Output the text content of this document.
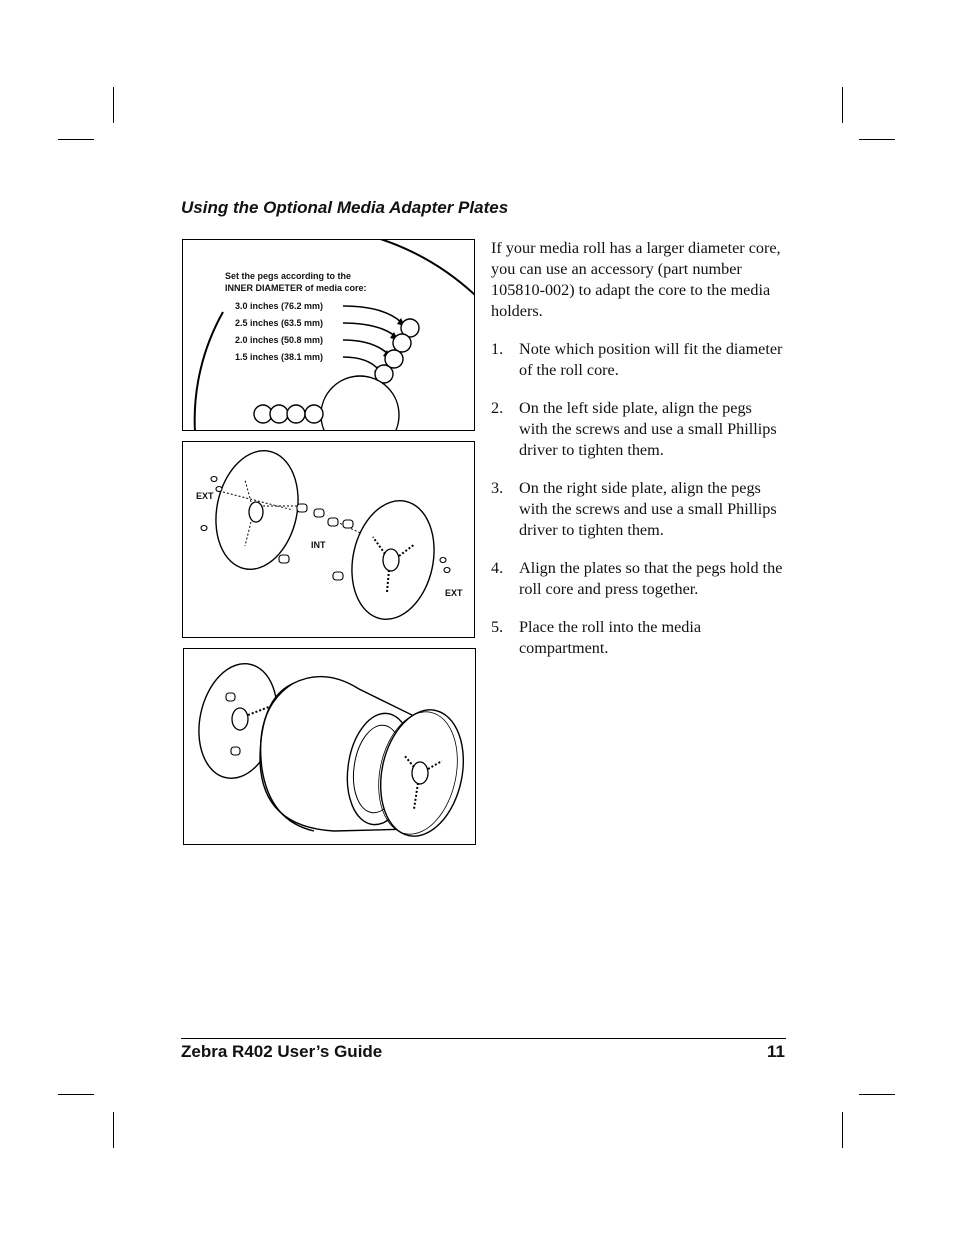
Using the Optional Media Adapter Plates
Set the pegs according to the
INNER DIAMETER of media core:
3.0 inches (76.2 mm)
2.5 inches (63.5 mm)
2.0 inches (50.8 mm)
1.5 inches (38.1 mm)
EXT
INT
EXT

If your media roll has a larger diameter core, you can use an accessory (part number 105810-002) to adapt the core to the media holders.

1. Note which position will fit the diameter of the roll core.
2. On the left side plate, align the pegs with the screws and use a small Phillips driver to tighten them.
3. On the right side plate, align the pegs with the screws and use a small Phillips driver to tighten them.
4. Align the plates so that the pegs hold the roll core and press together.
5. Place the roll into the media compartment.
Zebra R402 User’s Guide	11
